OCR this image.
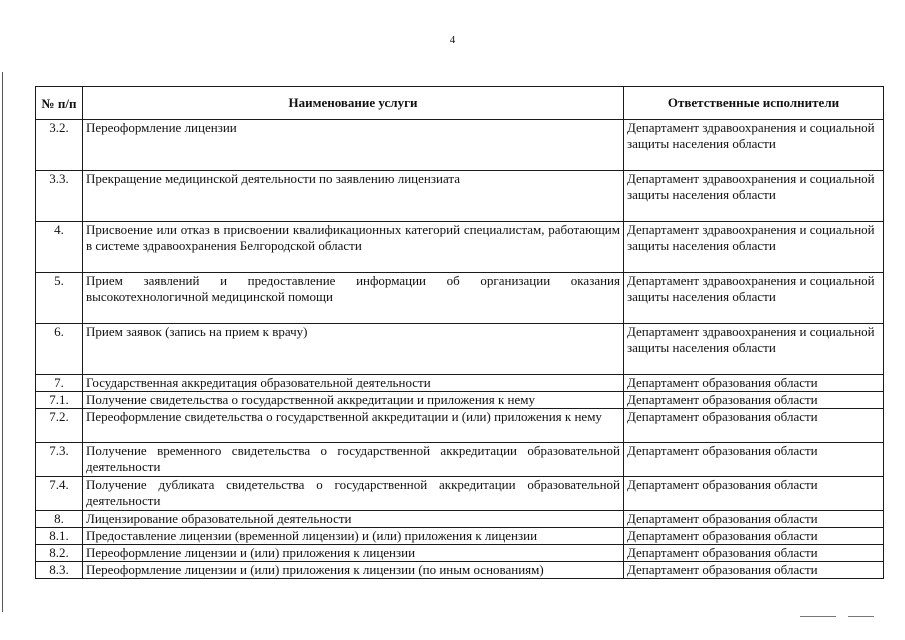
4
№ п/п	Наименование услуги	Ответственные исполнители
3.2.	Переоформление лицензии	Департамент здравоохранения и социальной защиты населения области
3.3.	Прекращение медицинской деятельности по заявлению лицензиата	Департамент здравоохранения и социальной защиты населения области
4.	Присвоение или отказ в присвоении квалификационных категорий специалистам, работающим в системе здравоохранения Белгородской области	Департамент здравоохранения и социальной защиты населения области
5.	Прием заявлений и предоставление информации об организации оказания высокотехнологичной медицинской помощи	Департамент здравоохранения и социальной защиты населения области
6.	Прием заявок (запись на прием к врачу)	Департамент здравоохранения и социальной защиты населения области
7.	Государственная аккредитация образовательной деятельности	Департамент образования области
7.1.	Получение свидетельства о государственной аккредитации и приложения к нему	Департамент образования области
7.2.	Переоформление свидетельства о государственной аккредитации и (или) приложения к нему	Департамент образования области
7.3.	Получение временного свидетельства о государственной аккредитации образовательной деятельности	Департамент образования области
7.4.	Получение дубликата свидетельства о государственной аккредитации образовательной деятельности	Департамент образования области
8.	Лицензирование образовательной деятельности	Департамент образования области
8.1.	Предоставление лицензии (временной лицензии) и (или) приложения к лицензии	Департамент образования области
8.2.	Переоформление лицензии и (или) приложения к лицензии	Департамент образования области
8.3.	Переоформление лицензии и (или) приложения к лицензии (по иным основаниям)	Департамент образования области
